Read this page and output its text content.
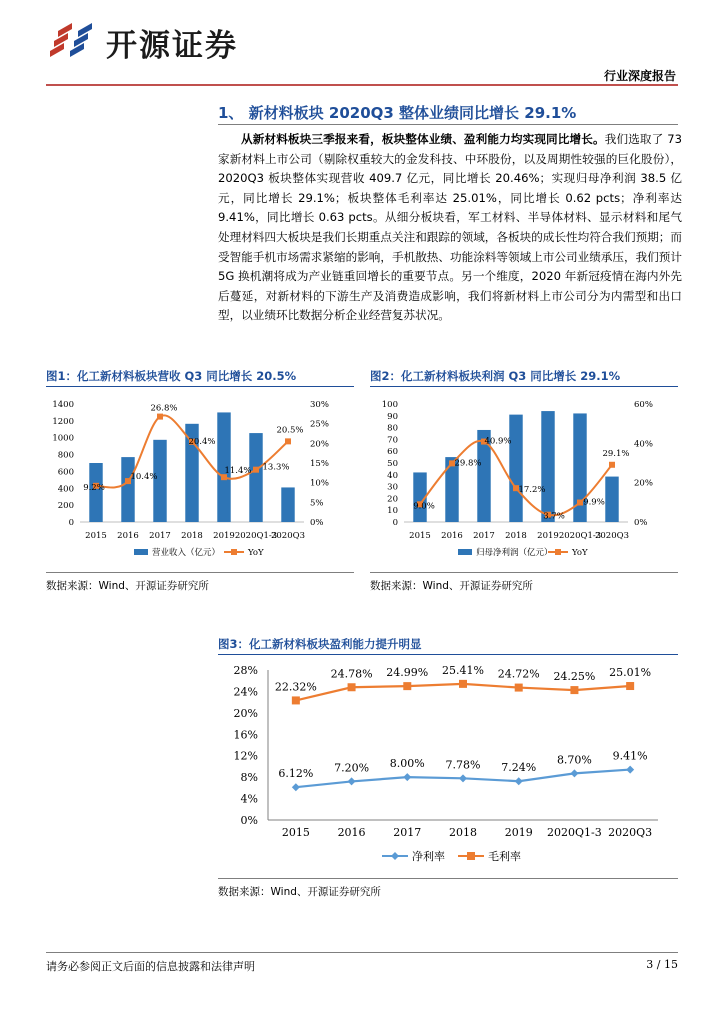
开源证券
行业深度报告
1、 新材料板块 2020Q3 整体业绩同比增长 29.1%

从新材料板块三季报来看，板块整体业绩、盈利能力均实现同比增长。我们选取了 73 家新材料上市公司（剔除权重较大的金发科技、中环股份，以及周期性较强的巨化股份），2020Q3 板块整体实现营收 409.7 亿元，同比增长 20.46%；实现归母净利润 38.5 亿元，同比增长 29.1%；板块整体毛利率达 25.01%，同比增长 0.62 pcts；净利率达 9.41%，同比增长 0.63 pcts。从细分板块看，军工材料、半导体材料、显示材料和尾气处理材料四大板块是我们长期重点关注和跟踪的领域，各板块的成长性均符合我们预期；而受智能手机市场需求紧缩的影响，手机散热、功能涂料等领域上市公司业绩承压，我们预计 5G 换机潮将成为产业链重回增长的重要节点。另一个维度，2020 年新冠疫情在海内外先后蔓延，对新材料的下游生产及消费造成影响，我们将新材料上市公司分为内需型和出口型，以业绩环比数据分析企业经营复苏状况。

图1：化工新材料板块营收 Q3 同比增长 20.5%
0
200
400
600
800
1000
1200
1400
0%
5%
10%
15%
20%
25%
30%
9.2%
10.4%
26.8%
20.4%
11.4% 13.3%
20.5%
2015 2016 2017 2018 2019 2020Q1-3
2020Q3
营业收入（亿元）	YoY
数据来源：Wind、开源证券研究所
图2：化工新材料板块利润 Q3 同比增长 29.1%
0
10
20
30
40
50
60
70
80
90
100
0%
20%
40%
60%
9.0%
29.8%
40.9%
17.2%
3.7%
9.9%
29.1%
2015 2016 2017 2018 2019 2020Q1-3
2020Q3
归母净利润（亿元） YoY
数据来源：Wind、开源证券研究所
图3：化工新材料板块盈利能力提升明显
0%
4%
8%
12%
16%
20%
24%
28%
2015	2016	2017	2018	2019 2020Q1-3 2020Q3
6.12% 7.20% 8.00% 7.78% 7.24%
8.70% 9.41%
22.32%
24.78% 24.99% 25.41% 24.72% 24.25% 25.01%
净利率	毛利率
数据来源：Wind、开源证券研究所
请务必参阅正文后面的信息披露和法律声明	3 / 15
